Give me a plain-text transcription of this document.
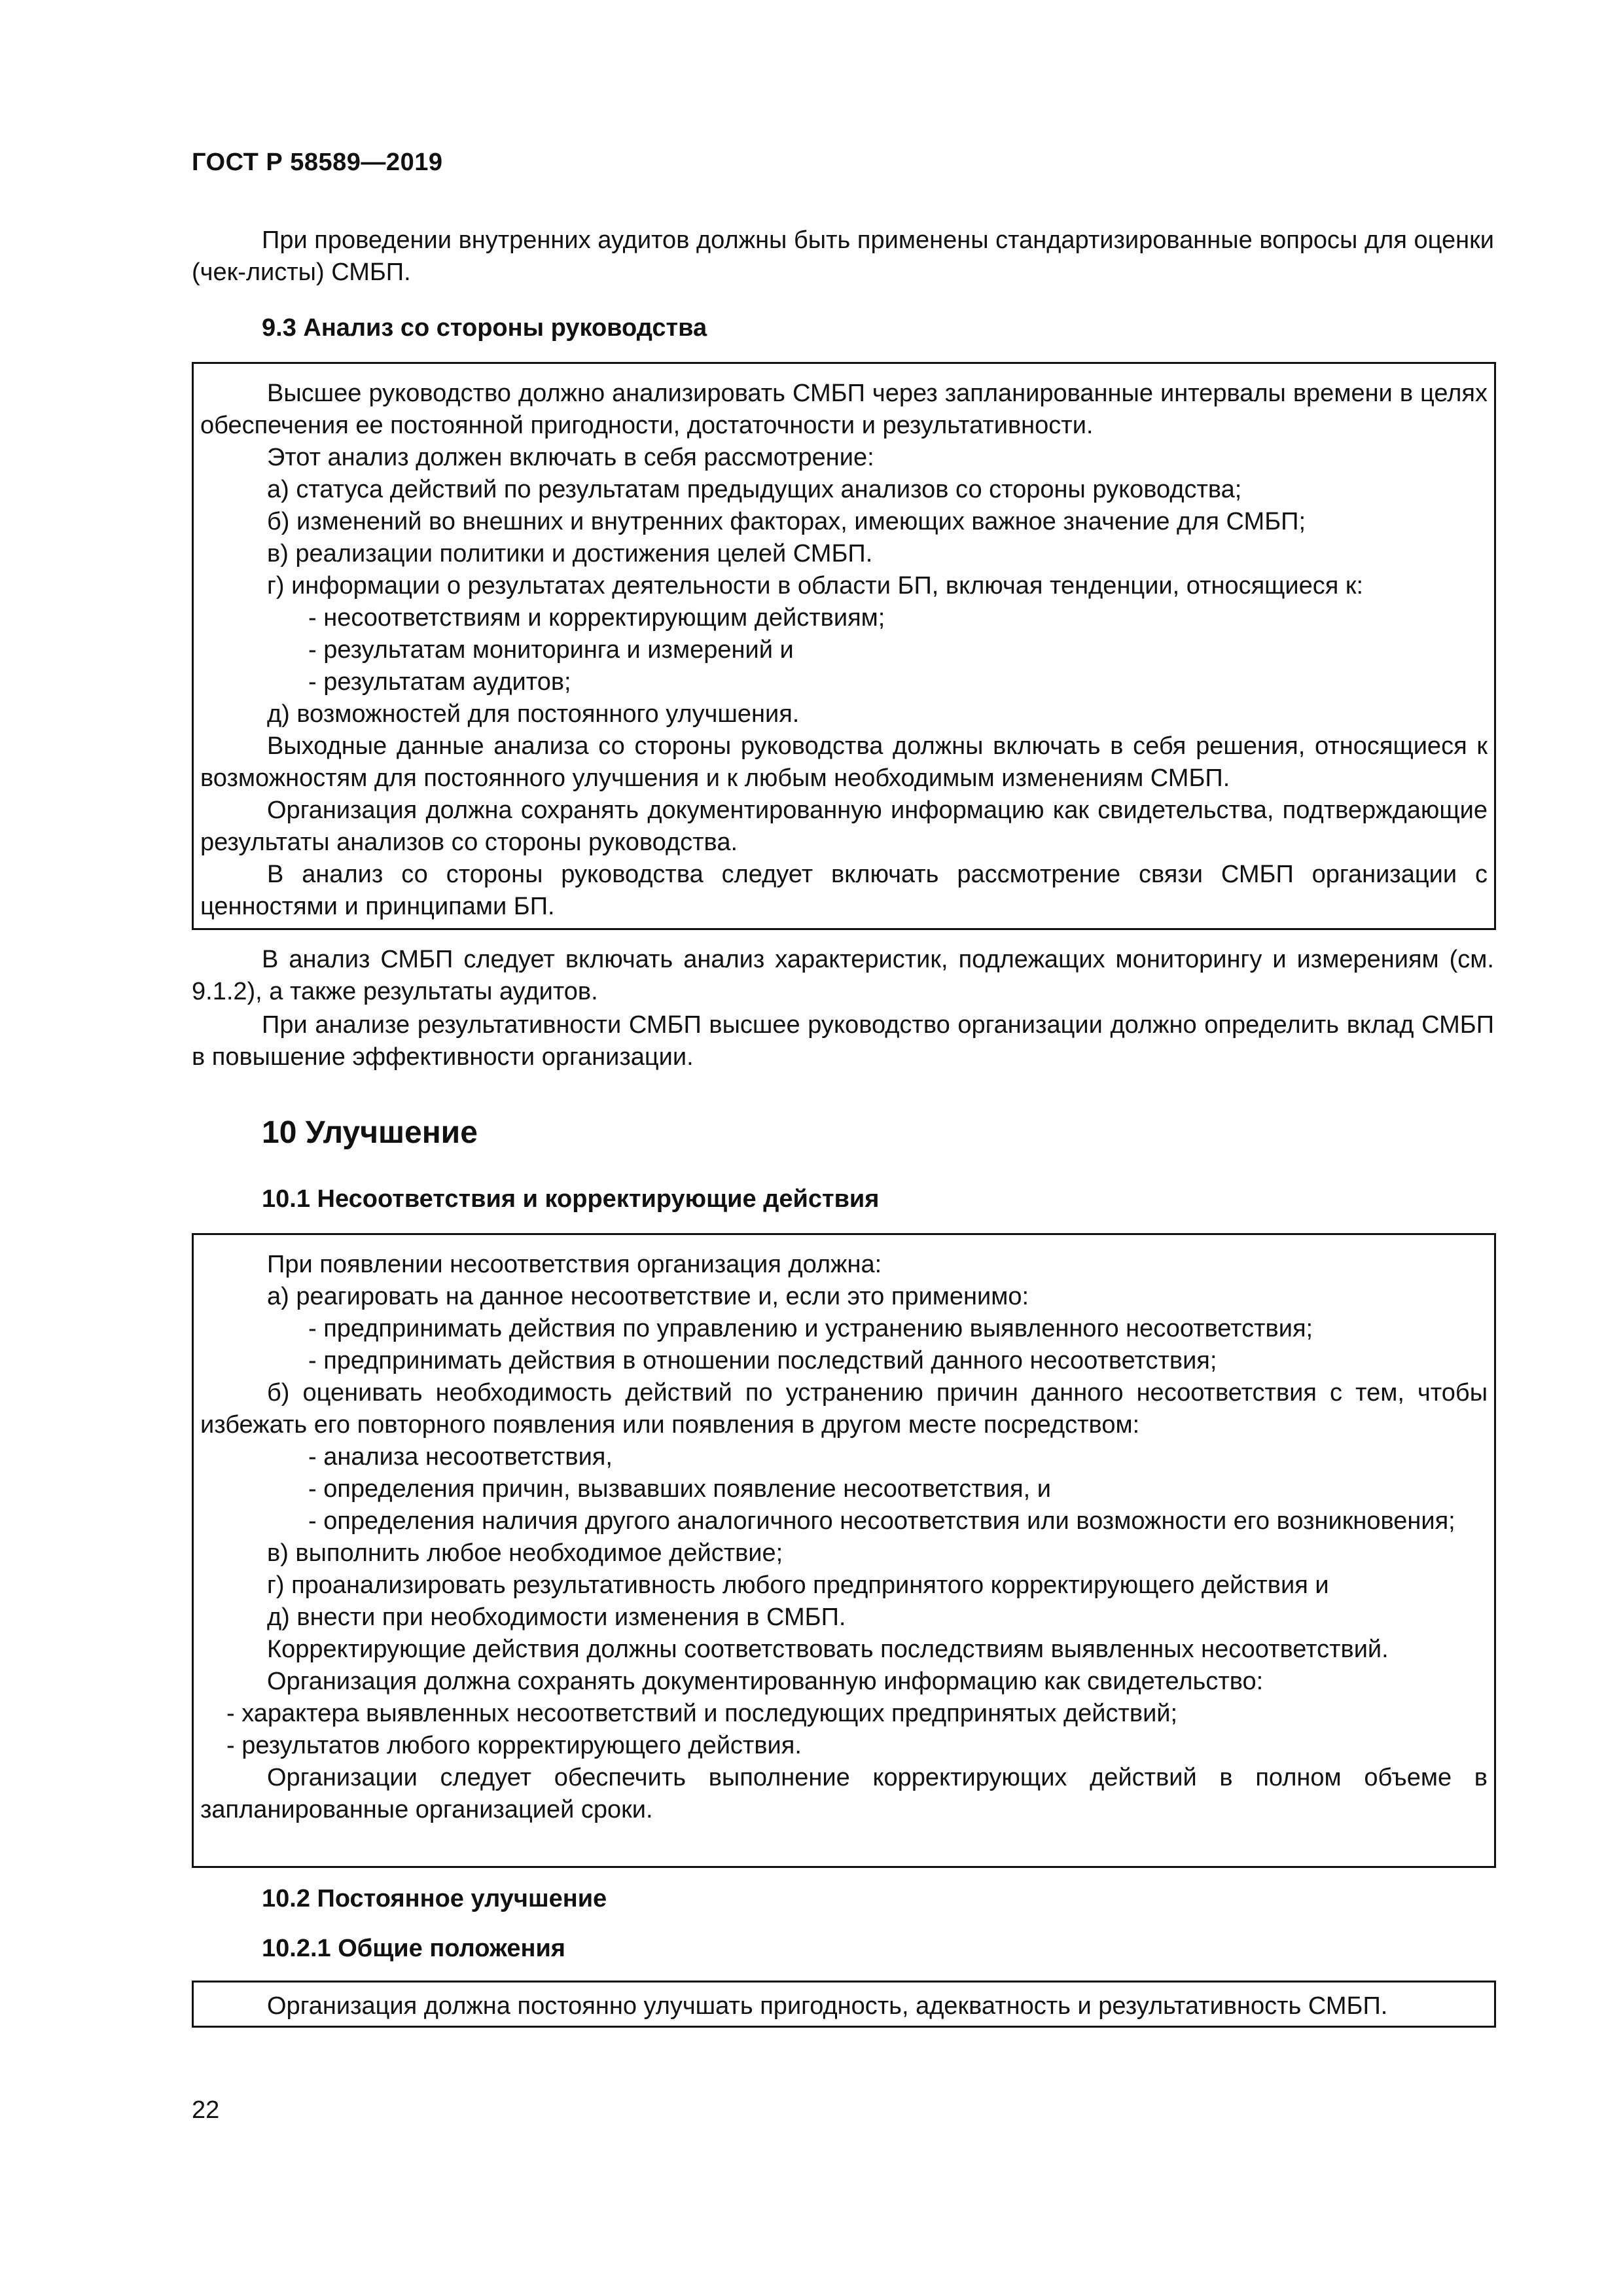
ГОСТ Р 58589—2019
При проведении внутренних аудитов должны быть применены стандартизированные вопросы для оценки (чек-листы) СМБП.
9.3 Анализ со стороны руководства
Высшее руководство должно анализировать СМБП через запланированные интервалы времени в целях обеспечения ее постоянной пригодности, достаточности и результативности.
Этот анализ должен включать в себя рассмотрение:
а) статуса действий по результатам предыдущих анализов со стороны руководства;
б) изменений во внешних и внутренних факторах, имеющих важное значение для СМБП;
в) реализации политики и достижения целей СМБП.
г) информации о результатах деятельности в области БП, включая тенденции, относящиеся к:
- несоответствиям и корректирующим действиям;
- результатам мониторинга и измерений и
- результатам аудитов;
д) возможностей для постоянного улучшения.
Выходные данные анализа со стороны руководства должны включать в себя решения, относящиеся к возможностям для постоянного улучшения и к любым необходимым изменениям СМБП.
Организация должна сохранять документированную информацию как свидетельства, подтверждающие результаты анализов со стороны руководства.
В анализ со стороны руководства следует включать рассмотрение связи СМБП организации с ценностями и принципами БП.
В анализ СМБП следует включать анализ характеристик, подлежащих мониторингу и измерениям (см. 9.1.2), а также результаты аудитов.
При анализе результативности СМБП высшее руководство организации должно определить вклад СМБП в повышение эффективности организации.
10 Улучшение
10.1 Несоответствия и корректирующие действия
При появлении несоответствия организация должна:
а) реагировать на данное несоответствие и, если это применимо:
- предпринимать действия по управлению и устранению выявленного несоответствия;
- предпринимать действия в отношении последствий данного несоответствия;
б) оценивать необходимость действий по устранению причин данного несоответствия с тем, чтобы избежать его повторного появления или появления в другом месте посредством:
- анализа несоответствия,
- определения причин, вызвавших появление несоответствия, и
- определения наличия другого аналогичного несоответствия или возможности его возникновения;
в) выполнить любое необходимое действие;
г) проанализировать результативность любого предпринятого корректирующего действия и
д) внести при необходимости изменения в СМБП.
Корректирующие действия должны соответствовать последствиям выявленных несоответствий.
Организация должна сохранять документированную информацию как свидетельство:
- характера выявленных несоответствий и последующих предпринятых действий;
- результатов любого корректирующего действия.
Организации следует обеспечить выполнение корректирующих действий в полном объеме в запланированные организацией сроки.
10.2 Постоянное улучшение
10.2.1 Общие положения
Организация должна постоянно улучшать пригодность, адекватность и результативность СМБП.
22
